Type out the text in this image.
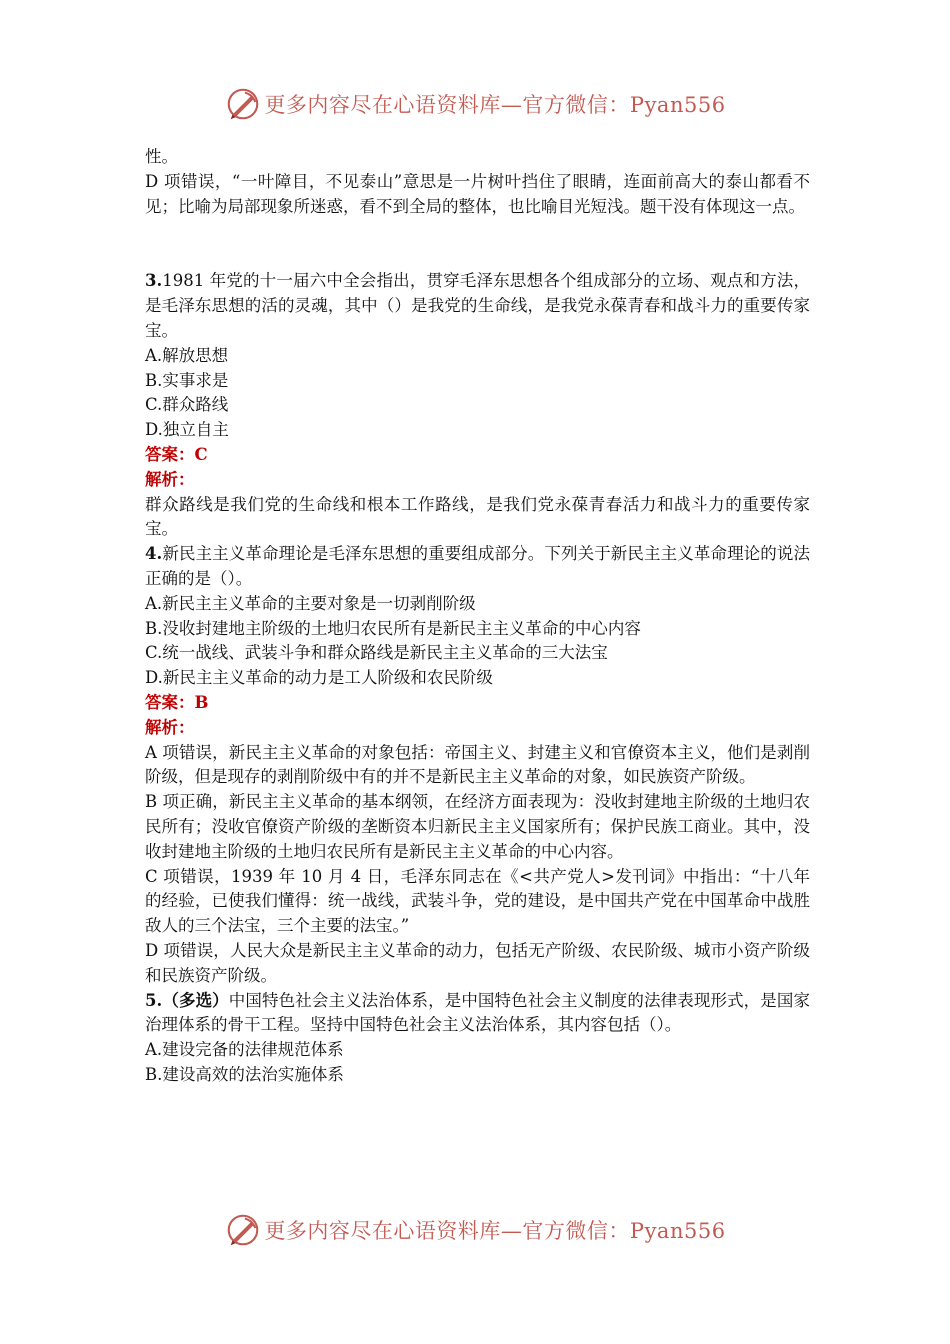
更多内容尽在心语资料库—官方微信：Pyan556

性。

D 项错误，“一叶障目，不见泰山”意思是一片树叶挡住了眼睛，连面前高大的泰山都看不见；比喻为局部现象所迷惑，看不到全局的整体，也比喻目光短浅。题干没有体现这一点。

3.1981 年党的十一届六中全会指出，贯穿毛泽东思想各个组成部分的立场、观点和方法，是毛泽东思想的活的灵魂，其中（）是我党的生命线，是我党永葆青春和战斗力的重要传家宝。

A.解放思想

B.实事求是

C.群众路线

D.独立自主

答案：C

解析：

群众路线是我们党的生命线和根本工作路线，是我们党永葆青春活力和战斗力的重要传家宝。

4.新民主主义革命理论是毛泽东思想的重要组成部分。下列关于新民主主义革命理论的说法正确的是（）。

A.新民主主义革命的主要对象是一切剥削阶级

B.没收封建地主阶级的土地归农民所有是新民主主义革命的中心内容

C.统一战线、武装斗争和群众路线是新民主主义革命的三大法宝

D.新民主主义革命的动力是工人阶级和农民阶级

答案：B

解析：

A 项错误，新民主主义革命的对象包括：帝国主义、封建主义和官僚资本主义，他们是剥削阶级，但是现存的剥削阶级中有的并不是新民主主义革命的对象，如民族资产阶级。

B 项正确，新民主主义革命的基本纲领，在经济方面表现为：没收封建地主阶级的土地归农民所有；没收官僚资产阶级的垄断资本归新民主主义国家所有；保护民族工商业。其中，没收封建地主阶级的土地归农民所有是新民主主义革命的中心内容。

C 项错误，1939 年 10 月 4 日，毛泽东同志在《<共产党人>发刊词》中指出：“十八年的经验，已使我们懂得：统一战线，武装斗争，党的建设，是中国共产党在中国革命中战胜敌人的三个法宝，三个主要的法宝。”

D 项错误，人民大众是新民主主义革命的动力，包括无产阶级、农民阶级、城市小资产阶级和民族资产阶级。

5.（多选）中国特色社会主义法治体系，是中国特色社会主义制度的法律表现形式，是国家治理体系的骨干工程。坚持中国特色社会主义法治体系，其内容包括（）。

A.建设完备的法律规范体系

B.建设高效的法治实施体系

更多内容尽在心语资料库—官方微信：Pyan556
